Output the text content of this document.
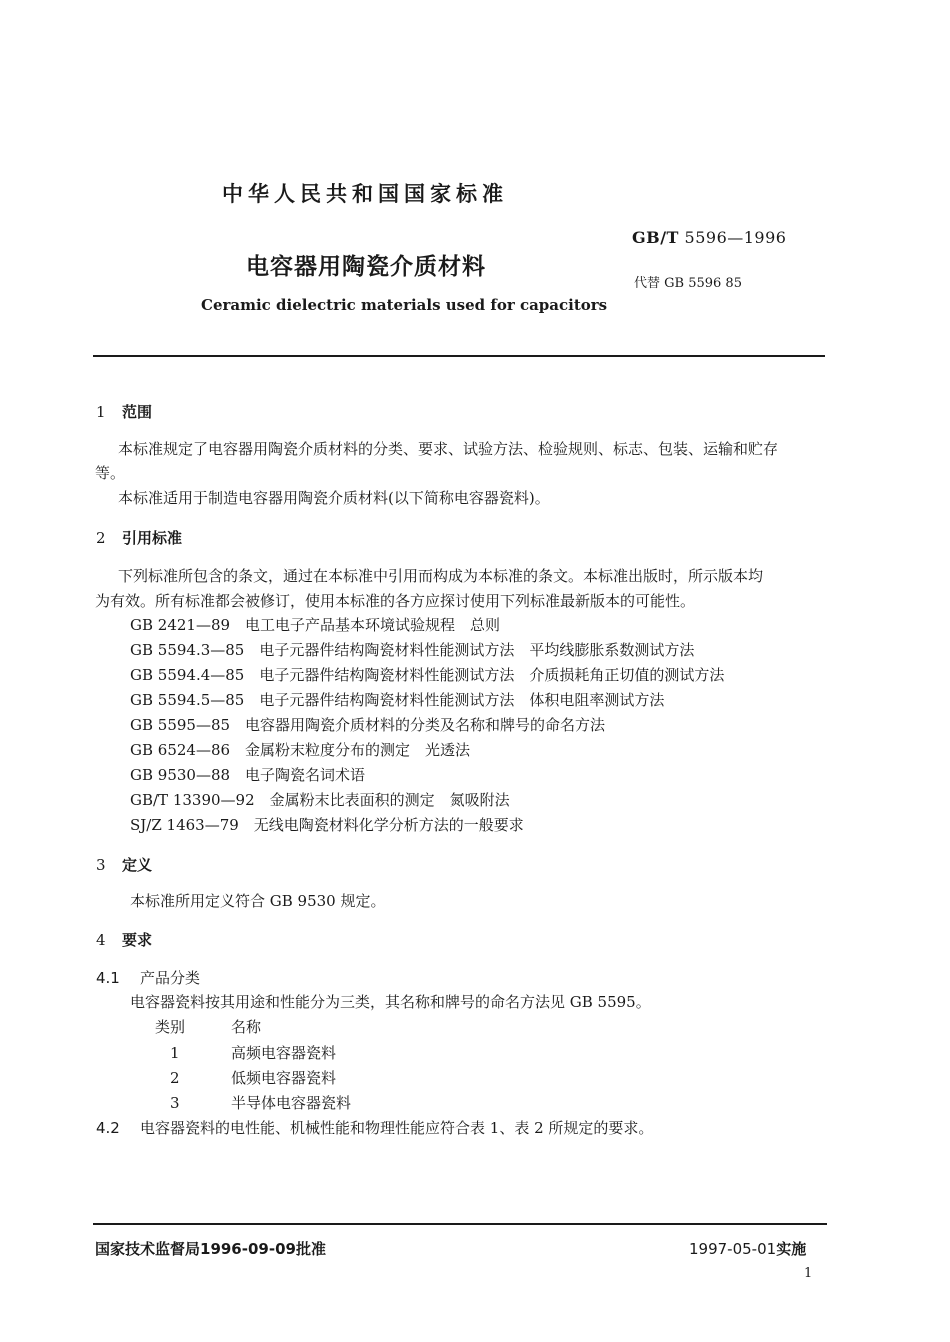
中华人民共和国国家标准
GB/T 5596—1996
电容器用陶瓷介质材料
代替 GB 5596 85
Ceramic dielectric materials used for capacitors
1 范围
本标准规定了电容器用陶瓷介质材料的分类、要求、试验方法、检验规则、标志、包装、运输和贮存
等。
本标准适用于制造电容器用陶瓷介质材料(以下简称电容器瓷料)。
2 引用标准
下列标准所包含的条文，通过在本标准中引用而构成为本标准的条文。本标准出版时，所示版本均
为有效。所有标准都会被修订，使用本标准的各方应探讨使用下列标准最新版本的可能性。
GB 2421—89　电工电子产品基本环境试验规程　总则
GB 5594.3—85　电子元器件结构陶瓷材料性能测试方法　平均线膨胀系数测试方法
GB 5594.4—85　电子元器件结构陶瓷材料性能测试方法　介质损耗角正切值的测试方法
GB 5594.5—85　电子元器件结构陶瓷材料性能测试方法　体积电阻率测试方法
GB 5595—85　电容器用陶瓷介质材料的分类及名称和牌号的命名方法
GB 6524—86　金属粉末粒度分布的测定　光透法
GB 9530—88　电子陶瓷名词术语
GB/T 13390—92　金属粉末比表面积的测定　氮吸附法
SJ/Z 1463—79　无线电陶瓷材料化学分析方法的一般要求
3 定义
本标准所用定义符合 GB 9530 规定。
4 要求
4.1 产品分类
电容器瓷料按其用途和性能分为三类，其名称和牌号的命名方法见 GB 5595。
类别	名称
1	高频电容器瓷料
2	低频电容器瓷料
3	半导体电容器瓷料
4.2 电容器瓷料的电性能、机械性能和物理性能应符合表 1、表 2 所规定的要求。
国家技术监督局1996-09-09批准	1997-05-01实施
1
